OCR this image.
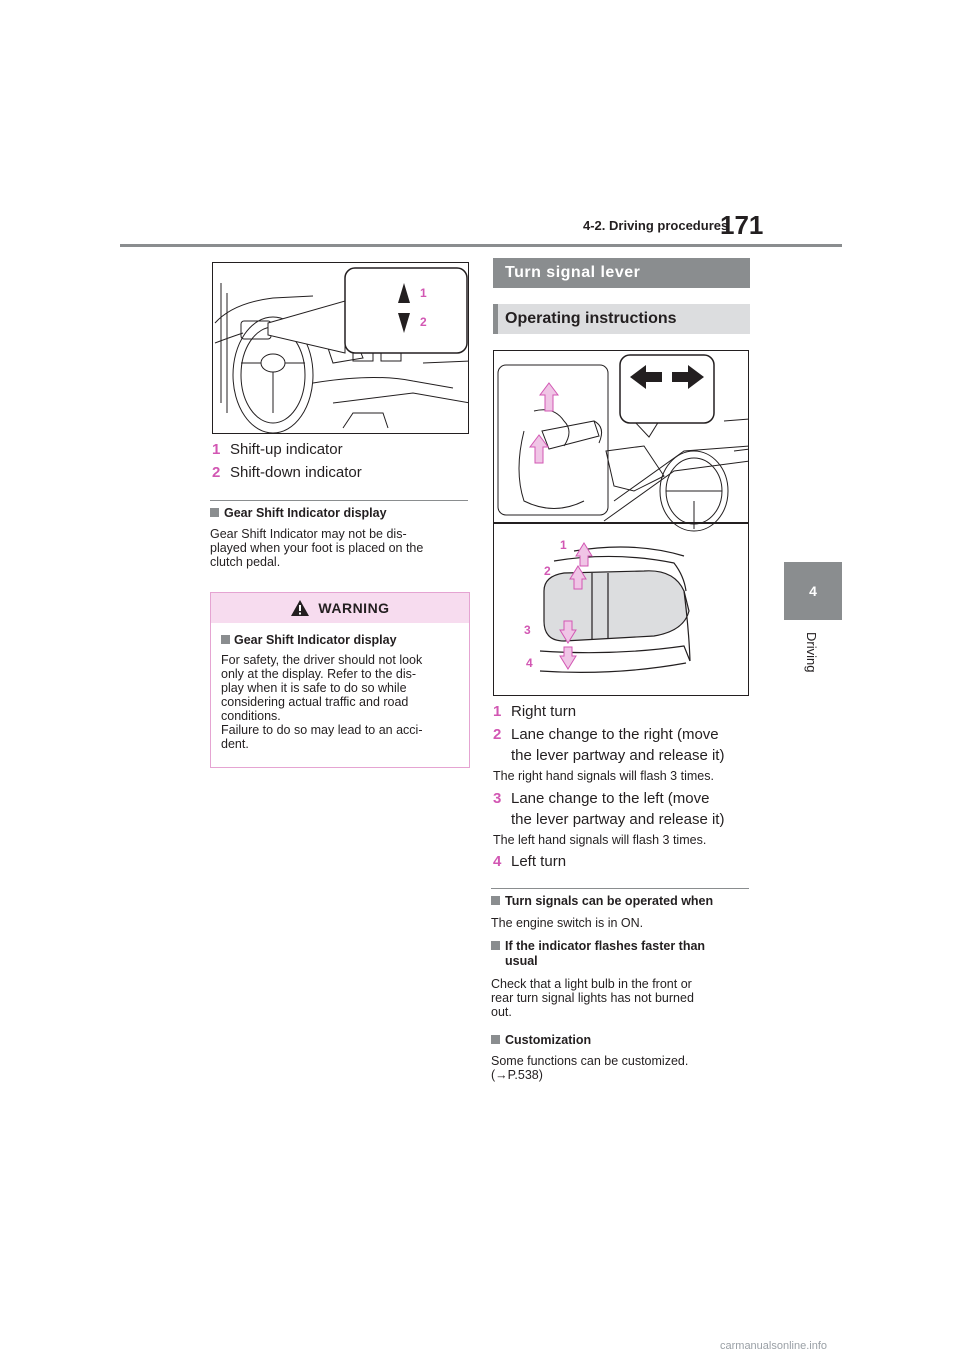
4-2. Driving procedures
171
4
Driving
1
2
1 Shift-up indicator
2 Shift-down indicator
Gear Shift Indicator display
Gear Shift Indicator may not be dis-
played when your foot is placed on the
clutch pedal.
WARNING
Gear Shift Indicator display
For safety, the driver should not look
only at the display. Refer to the dis-
play when it is safe to do so while
considering actual traffic and road
conditions.
Failure to do so may lead to an acci-
dent.
Turn signal lever
Operating instructions
1
2
3
4
1 Right turn
2 Lane change to the right (move
the lever partway and release it)
The right hand signals will flash 3 times.
3 Lane change to the left (move
the lever partway and release it)
The left hand signals will flash 3 times.
4 Left turn
Turn signals can be operated when
The engine switch is in ON.
If the indicator flashes faster than
usual
Check that a light bulb in the front or
rear turn signal lights has not burned
out.
Customization
Some functions can be customized.
(→P.538)
carmanualsonline.info
